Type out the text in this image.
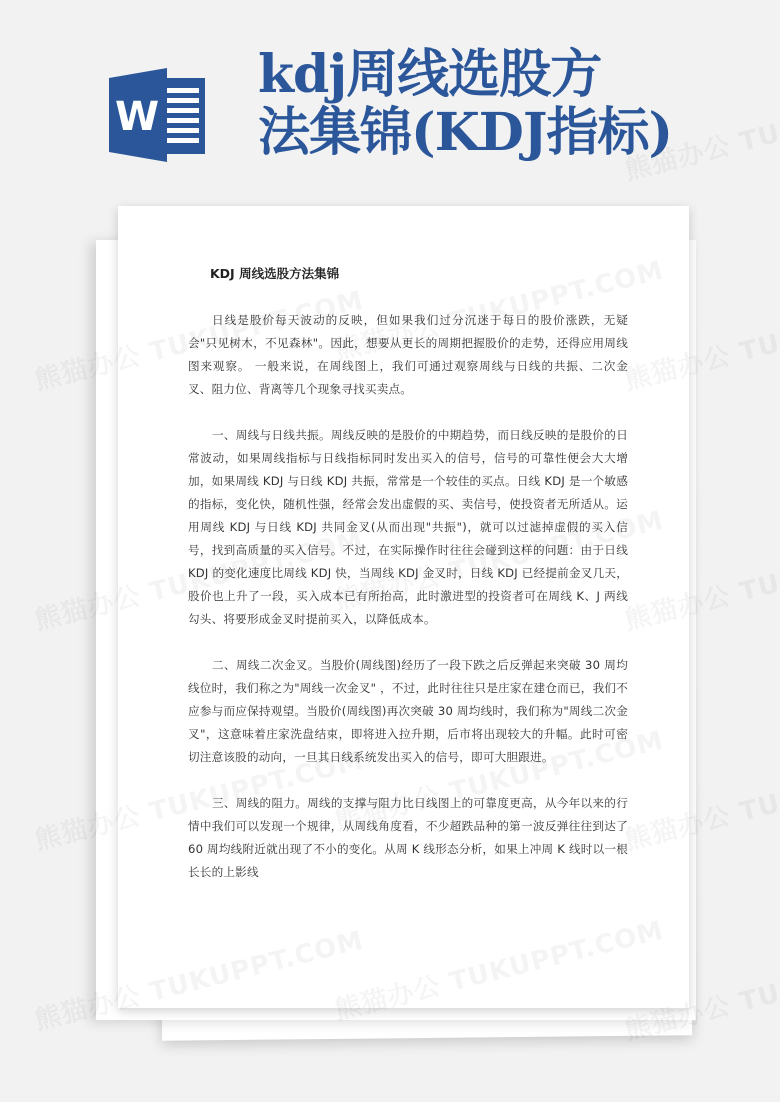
W
kdj周线选股方
法集锦(KDJ指标)
KDJ 周线选股方法集锦

日线是股价每天波动的反映，但如果我们过分沉迷于每日的股价涨跌，无疑会"只见树木，不见森林"。因此，想要从更长的周期把握股价的走势，还得应用周线图来观察。 一般来说，在周线图上，我们可通过观察周线与日线的共振、二次金叉、阻力位、背离等几个现象寻找买卖点。

一、周线与日线共振。周线反映的是股价的中期趋势，而日线反映的是股价的日常波动，如果周线指标与日线指标同时发出买入的信号，信号的可靠性便会大大增加，如果周线 KDJ 与日线 KDJ 共振，常常是一个较佳的买点。日线 KDJ 是一个敏感的指标，变化快，随机性强，经常会发出虚假的买、卖信号，使投资者无所适从。运用周线 KDJ 与日线 KDJ 共同金叉(从而出现"共振")，就可以过滤掉虚假的买入信号，找到高质量的买入信号。不过，在实际操作时往往会碰到这样的问题：由于日线 KDJ 的变化速度比周线 KDJ 快，当周线 KDJ 金叉时，日线 KDJ 已经提前金叉几天，股价也上升了一段，买入成本已有所抬高，此时激进型的投资者可在周线 K、J 两线勾头、将要形成金叉时提前买入，以降低成本。

二、周线二次金叉。当股价(周线图)经历了一段下跌之后反弹起来突破 30 周均线位时，我们称之为"周线一次金叉" ，不过，此时往往只是庄家在建仓而已，我们不应参与而应保持观望。当股价(周线图)再次突破 30 周均线时，我们称为"周线二次金叉"，这意味着庄家洗盘结束，即将进入拉升期，后市将出现较大的升幅。此时可密切注意该股的动向，一旦其日线系统发出买入的信号，即可大胆跟进。

三、周线的阻力。周线的支撑与阻力比日线图上的可靠度更高，从今年以来的行情中我们可以发现一个规律，从周线角度看，不少超跌品种的第一波反弹往往到达了 60 周均线附近就出现了不小的变化。从周 K 线形态分析，如果上冲周 K 线时以一根长长的上影线
